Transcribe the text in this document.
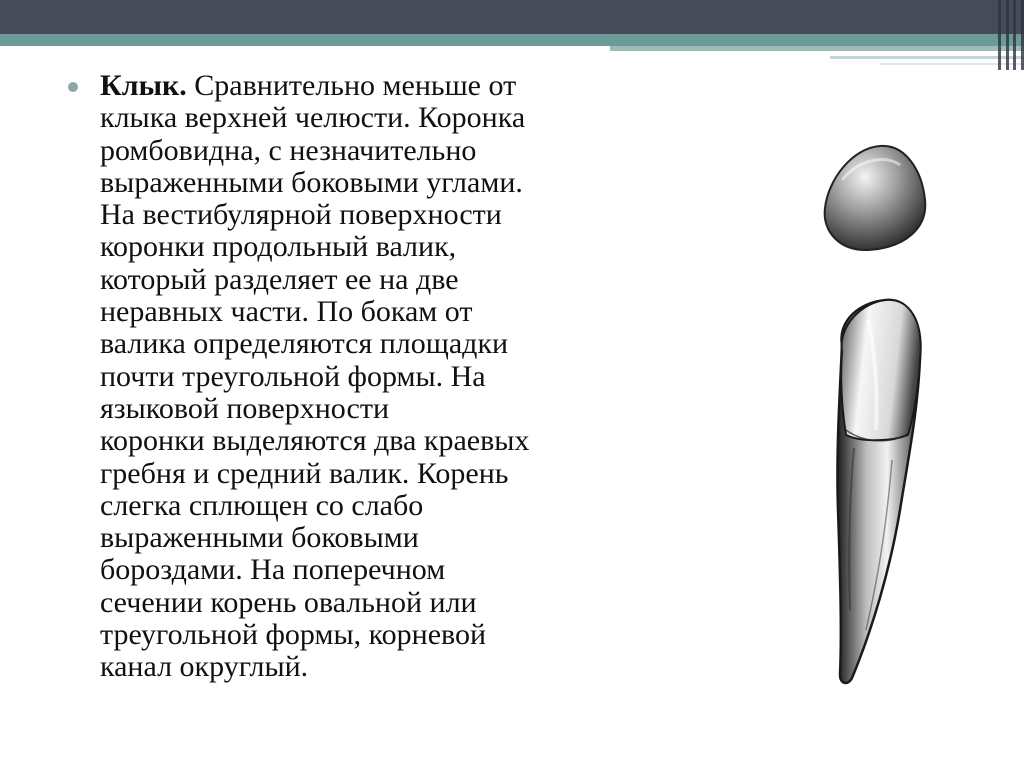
Клык. Сравнительно меньше от
клыка верхней челюсти. Коронка
ромбовидна, с незначительно
выраженными боковыми углами.
На вестибулярной поверхности
коронки продольный валик,
который разделяет ее на две
неравных части. По бокам от
валика определяются площадки
почти треугольной формы. На
языковой поверхности
коронки выделяются два краевых
гребня и средний валик. Корень
слегка сплющен со слабо
выраженными боковыми
бороздами. На поперечном
сечении корень овальной или
треугольной формы, корневой
канал округлый.
